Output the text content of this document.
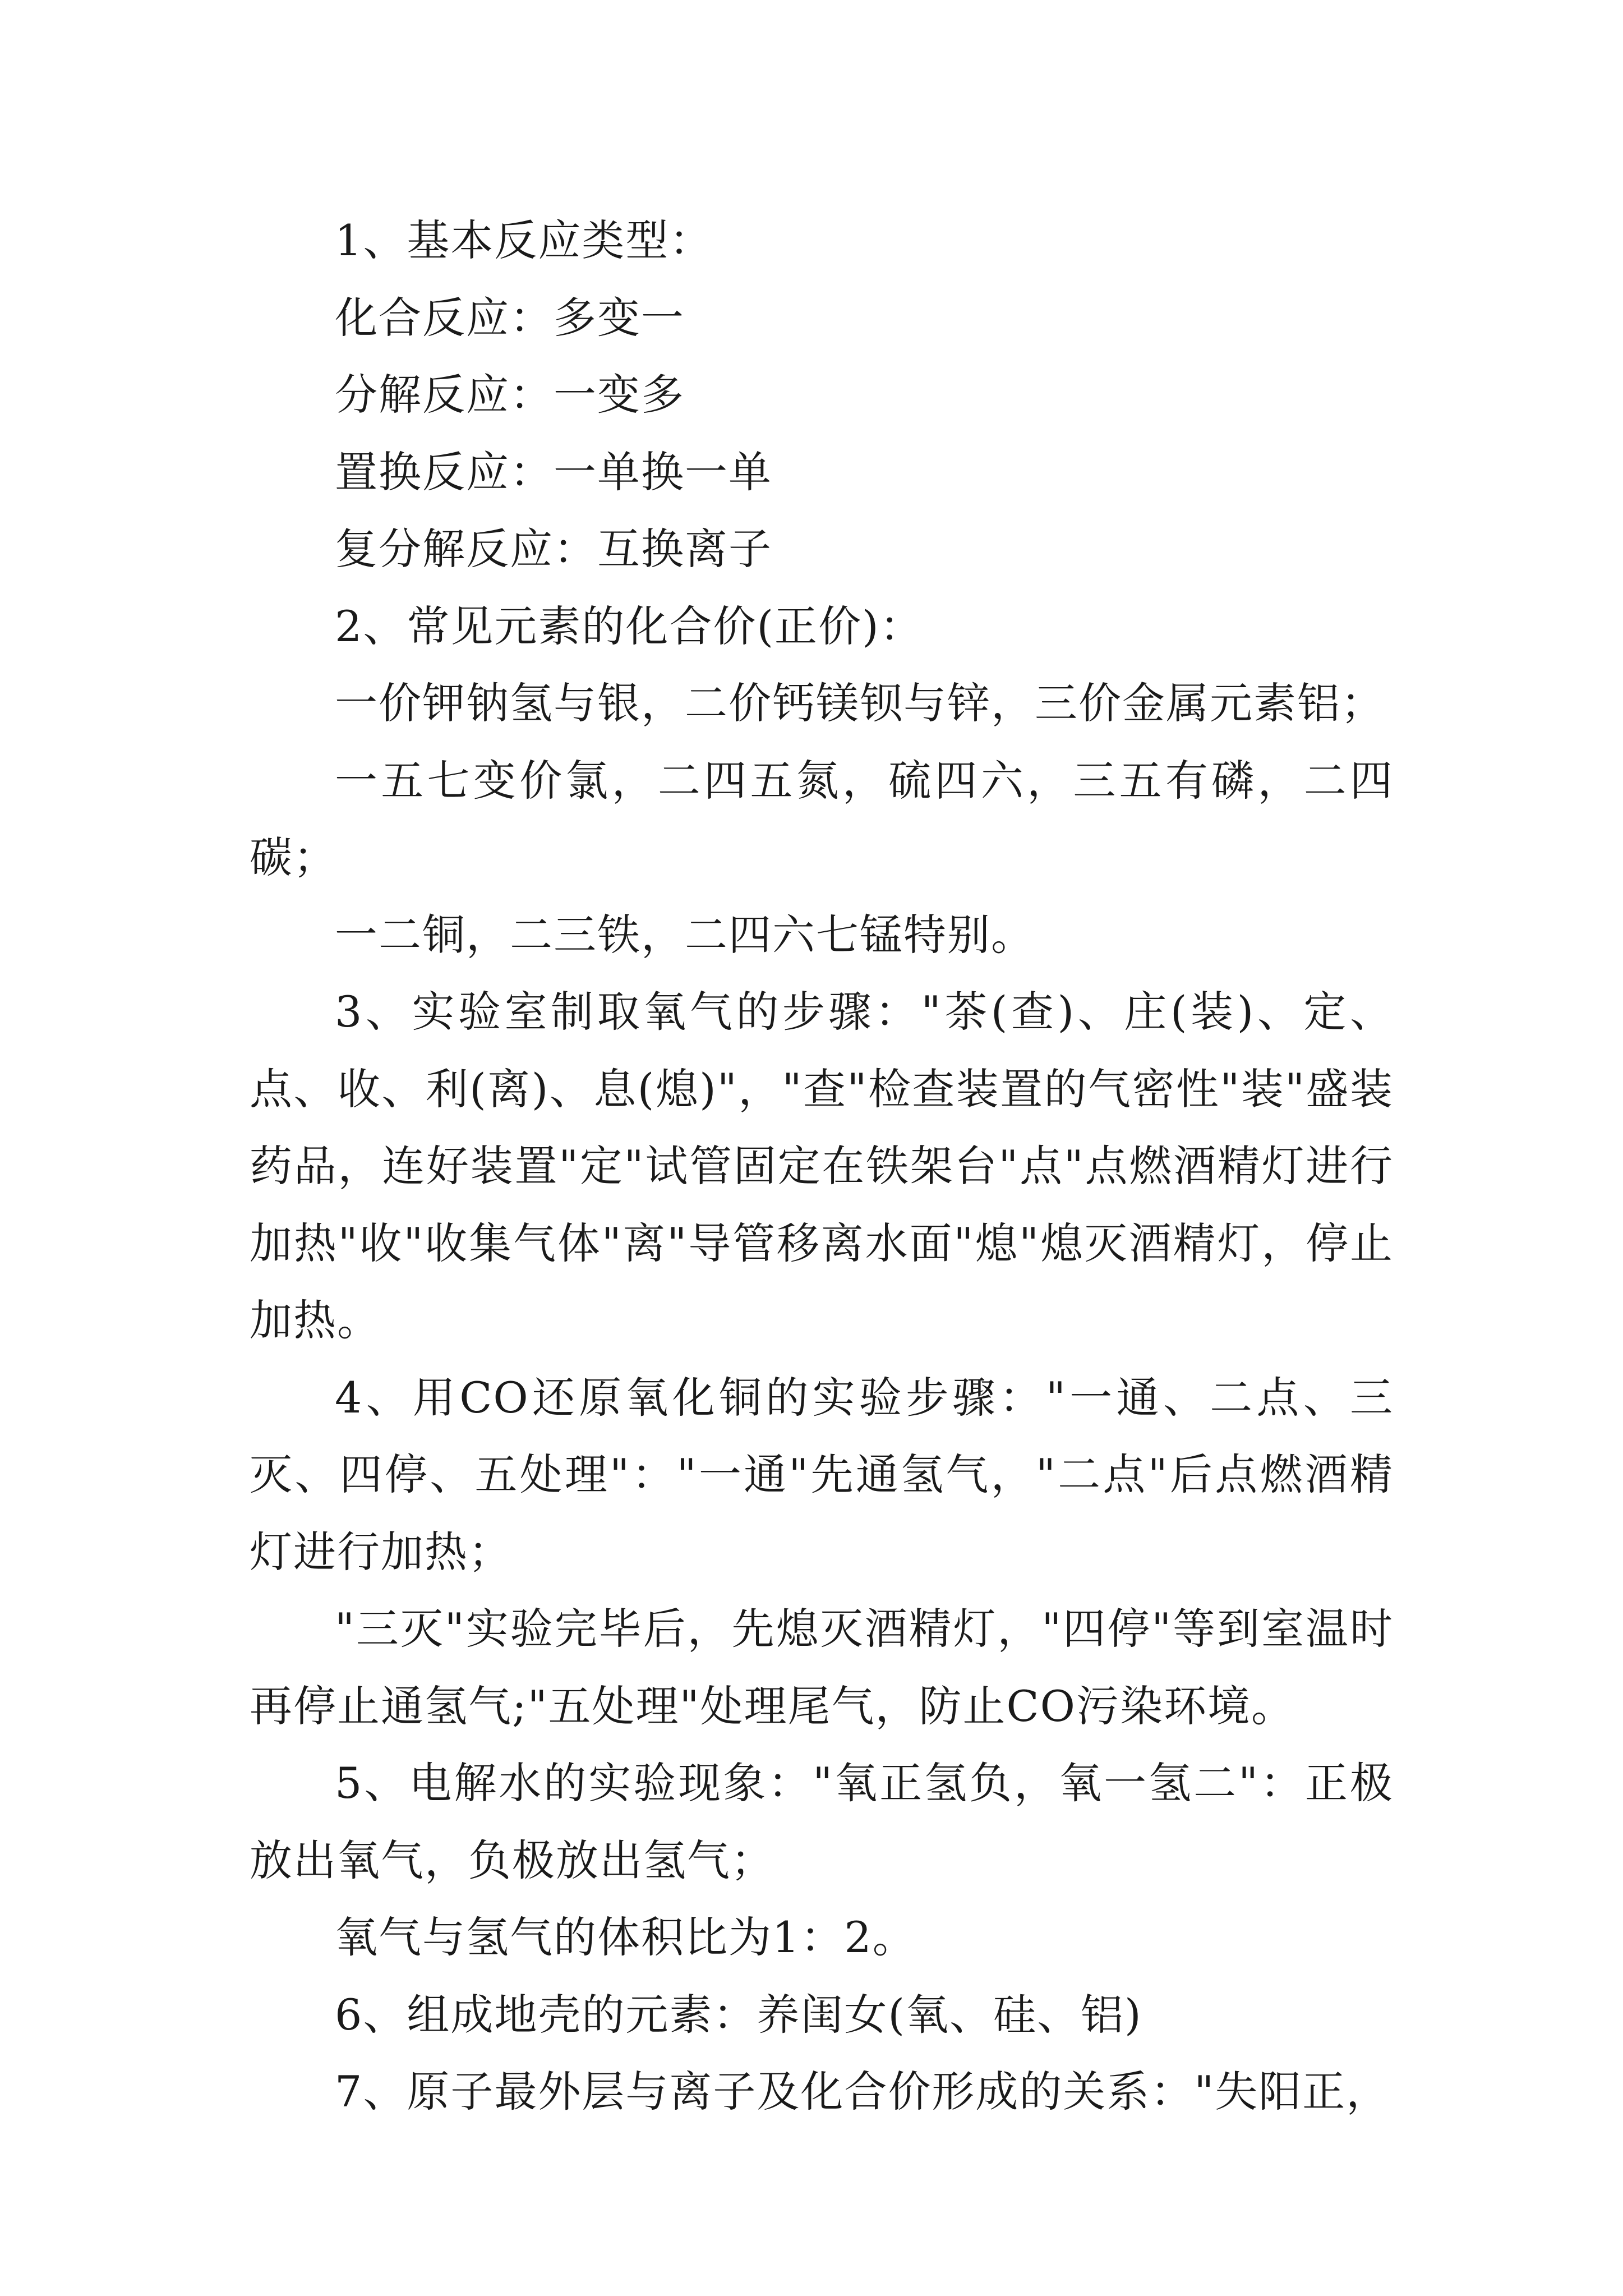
1、基本反应类型：

化合反应：多变一

分解反应：一变多

置换反应：一单换一单

复分解反应：互换离子

2、常见元素的化合价(正价)：

一价钾钠氢与银，二价钙镁钡与锌，三价金属元素铝；

一五七变价氯，二四五氮，硫四六，三五有磷，二四碳；

一二铜，二三铁，二四六七锰特别。

3、实验室制取氧气的步骤："茶(查)、庄(装)、定、点、收、利(离)、息(熄)"，"查"检查装置的气密性"装"盛装药品，连好装置"定"试管固定在铁架台"点"点燃酒精灯进行加热"收"收集气体"离"导管移离水面"熄"熄灭酒精灯，停止加热。

4、用CO还原氧化铜的实验步骤："一通、二点、三灭、四停、五处理"："一通"先通氢气，"二点"后点燃酒精灯进行加热；

"三灭"实验完毕后，先熄灭酒精灯，"四停"等到室温时再停止通氢气;"五处理"处理尾气，防止CO污染环境。

5、电解水的实验现象："氧正氢负，氧一氢二"：正极放出氧气，负极放出氢气；

氧气与氢气的体积比为1：2。

6、组成地壳的元素：养闺女(氧、硅、铝)

7、原子最外层与离子及化合价形成的关系："失阳正，
